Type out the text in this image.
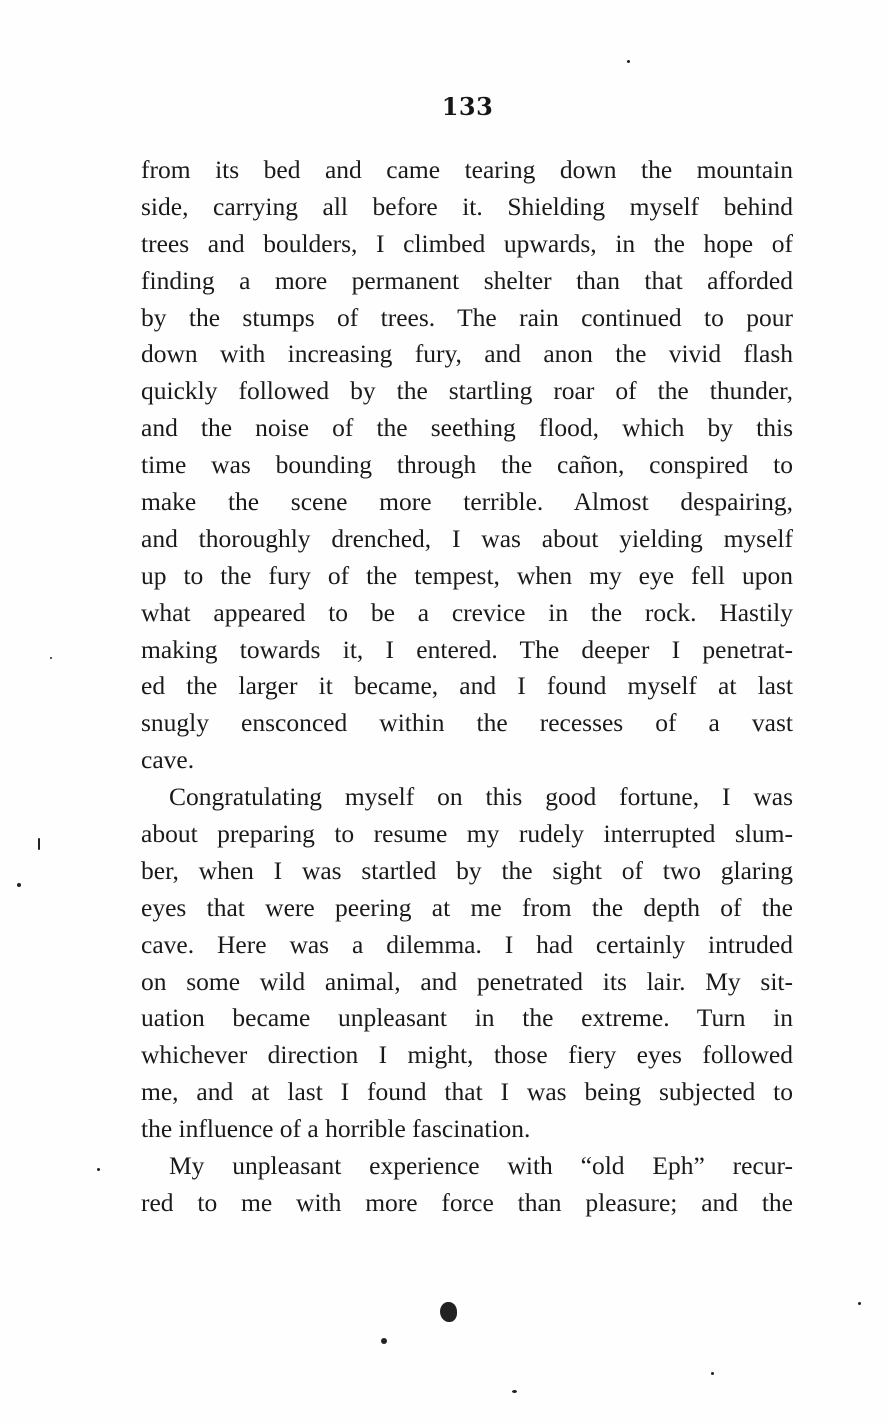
133
from its bed and came tearing down the mountain
side, carrying all before it. Shielding myself behind
trees and boulders, I climbed upwards, in the hope of
finding a more permanent shelter than that afforded
by the stumps of trees. The rain continued to pour
down with increasing fury, and anon the vivid flash
quickly followed by the startling roar of the thunder,
and the noise of the seething flood, which by this
time was bounding through the cañon, conspired to
make the scene more terrible. Almost despairing,
and thoroughly drenched, I was about yielding myself
up to the fury of the tempest, when my eye fell upon
what appeared to be a crevice in the rock. Hastily
making towards it, I entered. The deeper I penetrat-
ed the larger it became, and I found myself at last
snugly ensconced within the recesses of a vast
cave.
Congratulating myself on this good fortune, I was
about preparing to resume my rudely interrupted slum-
ber, when I was startled by the sight of two glaring
eyes that were peering at me from the depth of the
cave. Here was a dilemma. I had certainly intruded
on some wild animal, and penetrated its lair. My sit-
uation became unpleasant in the extreme. Turn in
whichever direction I might, those fiery eyes followed
me, and at last I found that I was being subjected to
the influence of a horrible fascination.
My unpleasant experience with “old Eph” recur-
red to me with more force than pleasure; and the
